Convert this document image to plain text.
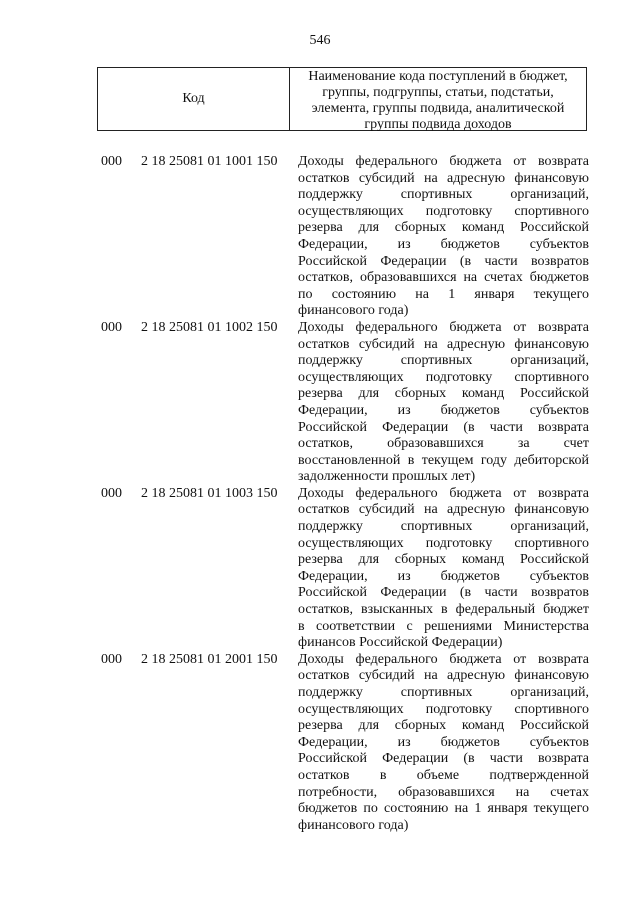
546
Код
Наименование кода поступлений в бюджет,
группы, подгруппы, статьи, подстатьи,
элемента, группы подвида, аналитической
группы подвида доходов
000 2 18 25081 01 1001 150 Доходы федерального бюджета от возврата
остатков субсидий на адресную финансовую
поддержку	спортивных	организаций,
осуществляющих подготовку спортивного
резерва для сборных команд Российской
Федерации, из бюджетов субъектов
Российской Федерации (в части возвратов
остатков, образовавшихся на счетах бюджетов
по состоянию на 1 января текущего
финансового года)
000 2 18 25081 01 1002 150 Доходы федерального бюджета от возврата
остатков субсидий на адресную финансовую
поддержку	спортивных	организаций,
осуществляющих подготовку спортивного
резерва для сборных команд Российской
Федерации, из бюджетов субъектов
Российской Федерации (в части возврата
остатков, образовавшихся за счет
восстановленной в текущем году дебиторской
задолженности прошлых лет)
000 2 18 25081 01 1003 150 Доходы федерального бюджета от возврата
остатков субсидий на адресную финансовую
поддержку	спортивных	организаций,
осуществляющих подготовку спортивного
резерва для сборных команд Российской
Федерации, из бюджетов субъектов
Российской Федерации (в части возвратов
остатков, взысканных в федеральный бюджет
в соответствии с решениями Министерства
финансов Российской Федерации)
000 2 18 25081 01 2001 150 Доходы федерального бюджета от возврата
остатков субсидий на адресную финансовую
поддержку	спортивных	организаций,
осуществляющих подготовку спортивного
резерва для сборных команд Российской
Федерации, из бюджетов субъектов
Российской Федерации (в части возврата
остатков в объеме подтвержденной
потребности, образовавшихся на счетах
бюджетов по состоянию на 1 января текущего
финансового года)
